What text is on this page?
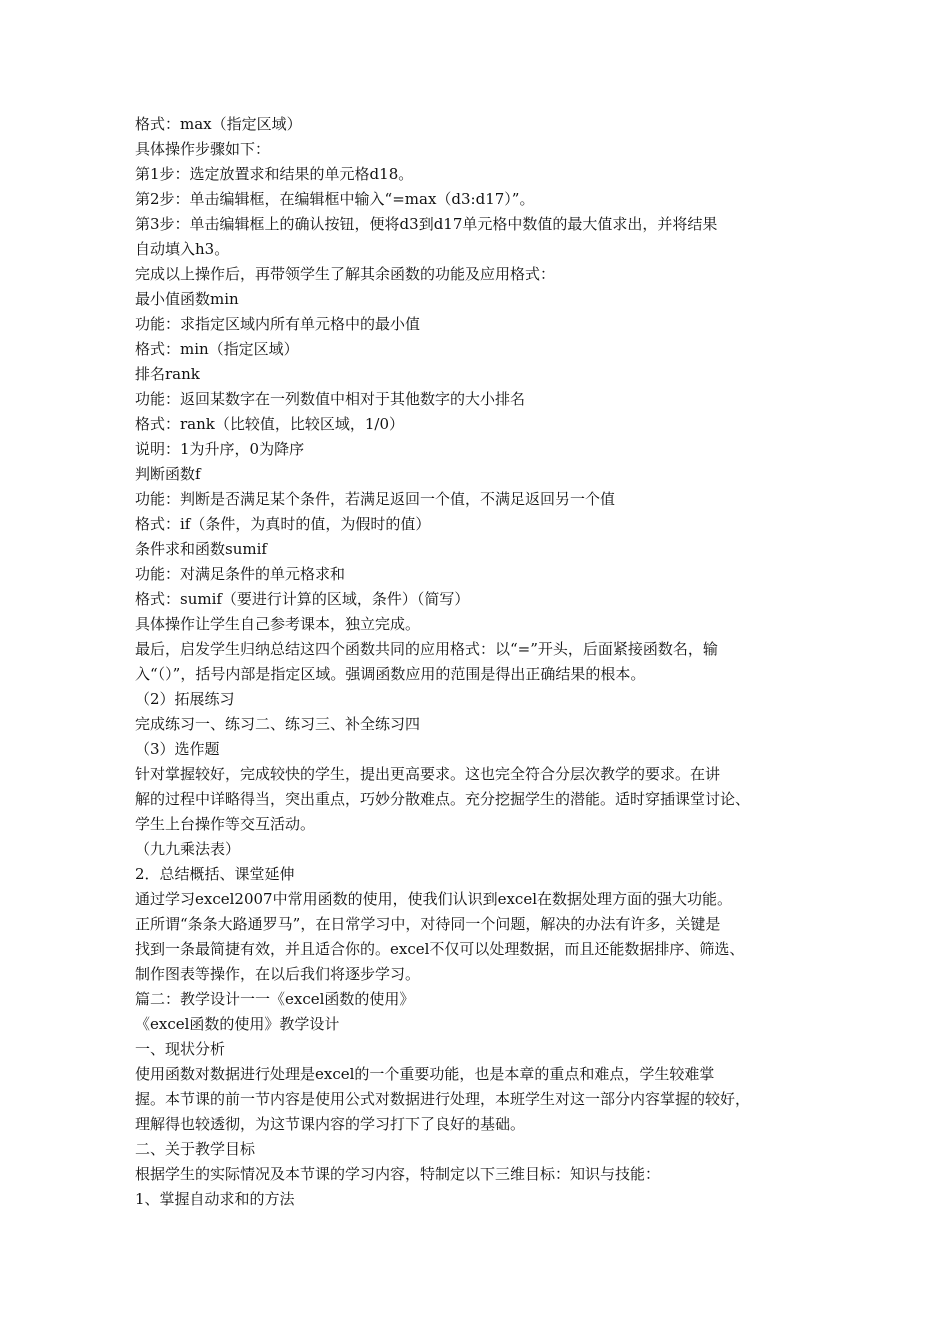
格式：max（指定区域）
具体操作步骤如下：
第1步：选定放置求和结果的单元格d18。
第2步：单击编辑框，在编辑框中输入“=max（d3:d17）”。
第3步：单击编辑框上的确认按钮，便将d3到d17单元格中数值的最大值求出，并将结果
自动填入h3。
完成以上操作后，再带领学生了解其余函数的功能及应用格式：
最小值函数min
功能：求指定区域内所有单元格中的最小值
格式：min（指定区域）
排名rank
功能：返回某数字在一列数值中相对于其他数字的大小排名
格式：rank（比较值，比较区域，1/0）
说明：1为升序，0为降序
判断函数f
功能：判断是否满足某个条件，若满足返回一个值，不满足返回另一个值
格式：if（条件，为真时的值，为假时的值）
条件求和函数sumif
功能：对满足条件的单元格求和
格式：sumif（要进行计算的区域，条件）（简写）
具体操作让学生自己参考课本，独立完成。
最后，启发学生归纳总结这四个函数共同的应用格式：以“=”开头，后面紧接函数名，输
入“（）”，括号内部是指定区域。强调函数应用的范围是得出正确结果的根本。
（2）拓展练习
完成练习一、练习二、练习三、补全练习四
（3）选作题
针对掌握较好，完成较快的学生，提出更高要求。这也完全符合分层次教学的要求。在讲
解的过程中详略得当，突出重点，巧妙分散难点。充分挖掘学生的潜能。适时穿插课堂讨论、
学生上台操作等交互活动。
（九九乘法表）
2．总结概括、课堂延伸
通过学习excel2007中常用函数的使用，使我们认识到excel在数据处理方面的强大功能。
正所谓“条条大路通罗马”，在日常学习中，对待同一个问题，解决的办法有许多，关键是
找到一条最简捷有效，并且适合你的。excel不仅可以处理数据，而且还能数据排序、筛选、
制作图表等操作，在以后我们将逐步学习。
篇二：教学设计一一《excel函数的使用》
《excel函数的使用》教学设计
一、现状分析
使用函数对数据进行处理是excel的一个重要功能，也是本章的重点和难点，学生较难掌
握。本节课的前一节内容是使用公式对数据进行处理，本班学生对这一部分内容掌握的较好，
理解得也较透彻，为这节课内容的学习打下了良好的基础。
二、关于教学目标
根据学生的实际情况及本节课的学习内容，特制定以下三维目标：知识与技能：
1、掌握自动求和的方法
